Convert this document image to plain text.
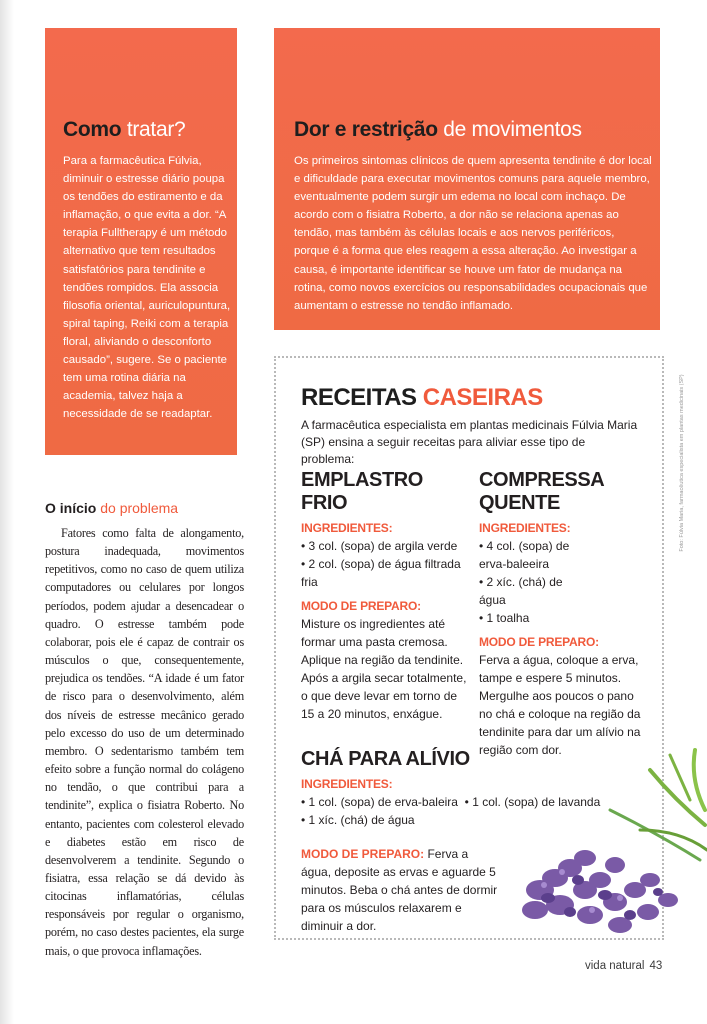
Como tratar?
Para a farmacêutica Fúlvia, diminuir o estresse diário poupa os tendões do estiramento e da inflamação, o que evita a dor. “A terapia Fulltherapy é um método alternativo que tem resultados satisfatórios para tendinite e tendões rompidos. Ela associa filosofia oriental, auriculopuntura, spiral taping, Reiki com a terapia floral, aliviando o desconforto causado”, sugere. Se o paciente tem uma rotina diária na academia, talvez haja a necessidade de se readaptar.
Dor e restrição de movimentos
Os primeiros sintomas clínicos de quem apresenta tendinite é dor local e dificuldade para executar movimentos comuns para aquele membro, eventualmente podem surgir um edema no local com inchaço. De acordo com o fisiatra Roberto, a dor não se relaciona apenas ao tendão, mas também às células locais e aos nervos periféricos, porque é a forma que eles reagem a essa alteração. Ao investigar a causa, é importante identificar se houve um fator de mudança na rotina, como novos exercícios ou responsabilidades ocupacionais que aumentam o estresse no tendão inflamado.
O início do problema

Fatores como falta de alongamento, postura inadequada, movimentos repetitivos, como no caso de quem utiliza computadores ou celulares por longos períodos, podem ajudar a desencadear o quadro. O estresse também pode colaborar, pois ele é capaz de contrair os músculos o que, consequentemente, prejudica os tendões. “A idade é um fator de risco para o desenvolvimento, além dos níveis de estresse mecânico gerado pelo excesso do uso de um determinado membro. O sedentarismo também tem efeito sobre a função normal do colágeno no tendão, o que contribui para a tendinite”, explica o fisiatra Roberto. No entanto, pacientes com colesterol elevado e diabetes estão em risco de desenvolverem a tendinite. Segundo o fisiatra, essa relação se dá devido às citocinas inflamatórias, células responsáveis por regular o organismo, porém, no caso destes pacientes, ela surge mais, o que provoca inflamações.

RECEITAS CASEIRAS
A farmacêutica especialista em plantas medicinais Fúlvia Maria (SP) ensina a seguir receitas para aliviar esse tipo de problema:
EMPLASTRO FRIO
INGREDIENTES:
• 3 col. (sopa) de argila verde
• 2 col. (sopa) de água filtrada fria
MODO DE PREPARO:
Misture os ingredientes até formar uma pasta cremosa. Aplique na região da tendinite. Após a argila secar totalmente, o que deve levar em torno de 15 a 20 minutos, enxágue.
COMPRESSA QUENTE
INGREDIENTES:
• 4 col. (sopa) de erva-baleeira
• 2 xíc. (chá) de água
• 1 toalha
MODO DE PREPARO:
Ferva a água, coloque a erva, tampe e espere 5 minutos. Mergulhe aos poucos o pano no chá e coloque na região da tendinite para dar um alívio na região com dor.
CHÁ PARA ALÍVIO
INGREDIENTES:
• 1 col. (sopa) de erva-baleira  • 1 col. (sopa) de lavanda
• 1 xíc. (chá) de água
MODO DE PREPARO: Ferva a água, deposite as ervas e aguarde 5 minutos. Beba o chá antes de dormir para os músculos relaxarem e diminuir a dor.
Foto: Fúlvia Maria, farmacêutica especialista em plantas medicinais (SP)
vida natural 43
